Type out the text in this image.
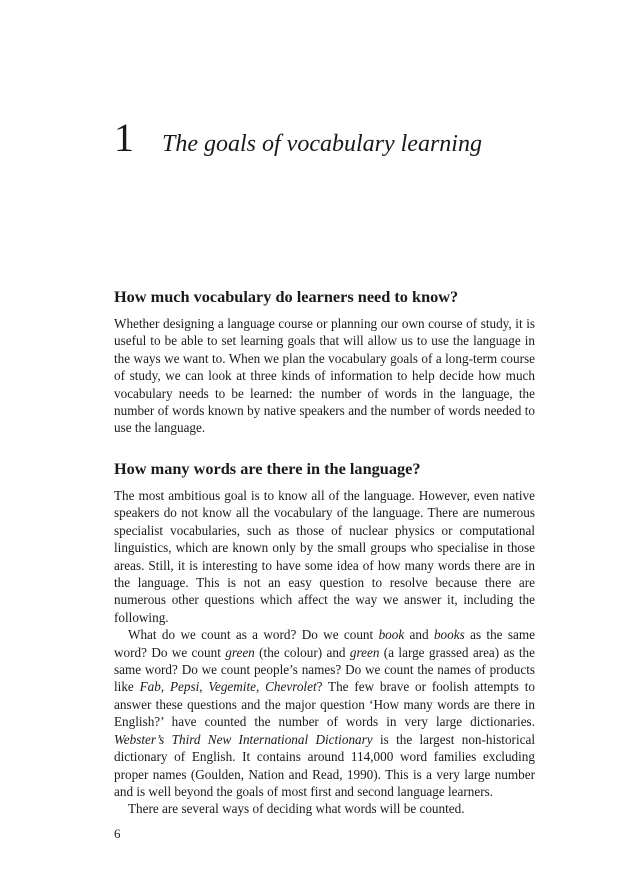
1	The goals of vocabulary learning
How much vocabulary do learners need to know?

Whether designing a language course or planning our own course of study, it is useful to be able to set learning goals that will allow us to use the language in the ways we want to. When we plan the vocabulary goals of a long-term course of study, we can look at three kinds of information to help decide how much vocabulary needs to be learned: the number of words in the language, the number of words known by native speakers and the number of words needed to use the language.

How many words are there in the language?

The most ambitious goal is to know all of the language. However, even native speakers do not know all the vocabulary of the language. There are numerous specialist vocabularies, such as those of nuclear physics or computational linguistics, which are known only by the small groups who specialise in those areas. Still, it is interesting to have some idea of how many words there are in the language. This is not an easy question to resolve because there are numerous other questions which affect the way we answer it, including the following.

What do we count as a word? Do we count book and books as the same word? Do we count green (the colour) and green (a large grassed area) as the same word? Do we count people’s names? Do we count the names of products like Fab, Pepsi, Vegemite, Chevrolet? The few brave or foolish attempts to answer these questions and the major question ‘How many words are there in English?’ have counted the number of words in very large dictionaries. Webster’s Third New International Dictionary is the largest non-historical dictionary of English. It contains around 114,000 word families excluding proper names (Goulden, Nation and Read, 1990). This is a very large number and is well beyond the goals of most first and second language learners.

There are several ways of deciding what words will be counted.

6
